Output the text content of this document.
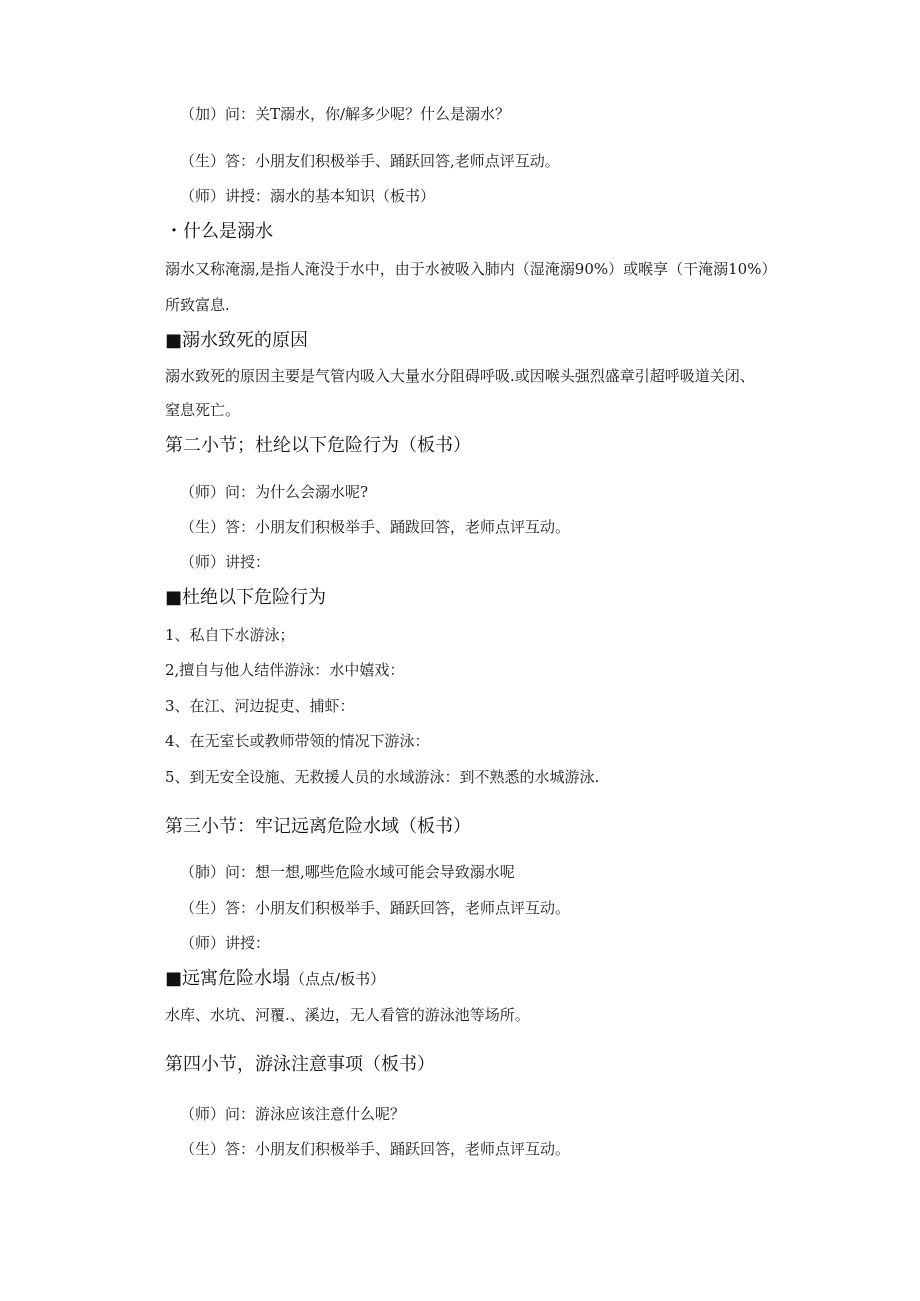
（加）问：关T溺水，你/解多少呢？什么是溺水？
（生）答：小朋友们积极举手、踊跃回答,老师点评互动。
（师）讲授：溺水的基本知识（板书）
・什么是溺水
溺水又称淹溺,是指人淹没于水中，由于水被吸入肺内（湿淹溺90%）或喉享（干淹溺10%）
所致富息.
■溺水致死的原因
溺水致死的原因主要是气管内吸入大量水分阻碍呼吸.或因喉头强烈盛章引超呼吸道关闭、
窒息死亡。
第二小节；杜纶以下危险行为（板书）
（师）问：为什么会溺水呢?
（生）答：小朋友们积极举手、踊跋回答，老师点评互动。
（师）讲授：
■杜绝以下危险行为
1、私自下水游泳；
2,擅自与他人结伴游泳：水中嬉戏：
3、在江、河边捉吏、捕虾：
4、在无室长或教师带领的情况下游泳：
5、到无安全设施、无救援人员的水域游泳：到不熟悉的水城游泳.
第三小节：牢记远离危险水域（板书）
（肺）问：想一想,哪些危险水域可能会导致溺水呢
（生）答：小朋友们积极举手、踊跃回答，老师点评互动。
（师）讲授：
■远寓危险水塌（点点/板书）
水库、水坑、河覆.、溪边，无人看管的游泳池等场所。
第四小节，游泳注意事项（板书）
（师）问：游泳应该注意什么呢？
（生）答：小朋友们积极举手、踊跃回答，老师点评互动。
